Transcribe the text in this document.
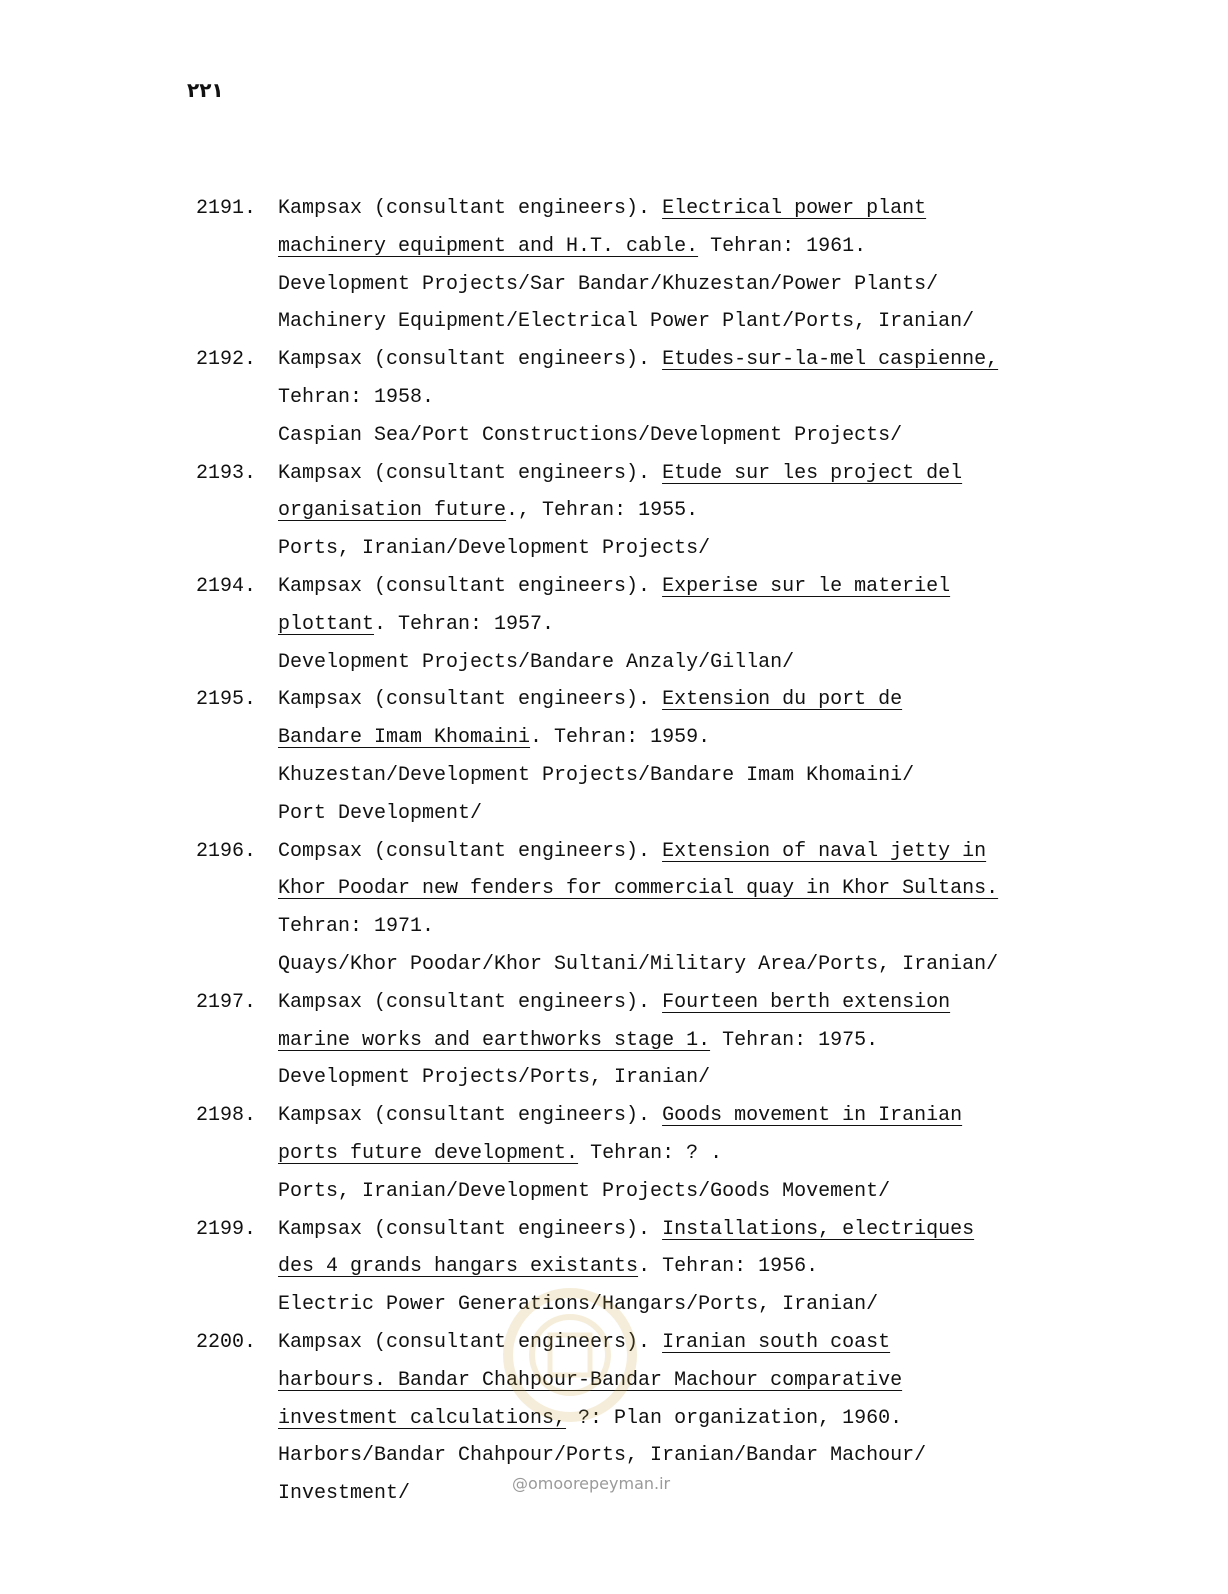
۲۲۱
2191.	Kampsax (consultant engineers). Electrical power plant
machinery equipment and H.T. cable. Tehran: 1961.
Development Projects/Sar Bandar/Khuzestan/Power Plants/
Machinery Equipment/Electrical Power Plant/Ports, Iranian/
2192.	Kampsax (consultant engineers). Etudes-sur-la-mel caspienne,
Tehran: 1958.
Caspian Sea/Port Constructions/Development Projects/
2193.	Kampsax (consultant engineers). Etude sur les project del
organisation future., Tehran: 1955.
Ports, Iranian/Development Projects/
2194.	Kampsax (consultant engineers). Experise sur le materiel
plottant. Tehran: 1957.
Development Projects/Bandare Anzaly/Gillan/
2195.	Kampsax (consultant engineers). Extension du port de
Bandare Imam Khomaini. Tehran: 1959.
Khuzestan/Development Projects/Bandare Imam Khomaini/
Port Development/
2196.	Compsax (consultant engineers). Extension of naval jetty in
Khor Poodar new fenders for commercial quay in Khor Sultans.
Tehran: 1971.
Quays/Khor Poodar/Khor Sultani/Military Area/Ports, Iranian/
2197.	Kampsax (consultant engineers). Fourteen berth extension
marine works and earthworks stage 1. Tehran: 1975.
Development Projects/Ports, Iranian/
2198.	Kampsax (consultant engineers). Goods movement in Iranian
ports future development. Tehran: ? .
Ports, Iranian/Development Projects/Goods Movement/
2199.	Kampsax (consultant engineers). Installations, electriques
des 4 grands hangars existants. Tehran: 1956.
Electric Power Generations/Hangars/Ports, Iranian/
2200.	Kampsax (consultant engineers). Iranian south coast
harbours. Bandar Chahpour-Bandar Machour comparative
investment calculations, ?: Plan organization, 1960.
Harbors/Bandar Chahpour/Ports, Iranian/Bandar Machour/
Investment/	@omoorepeyman.ir
